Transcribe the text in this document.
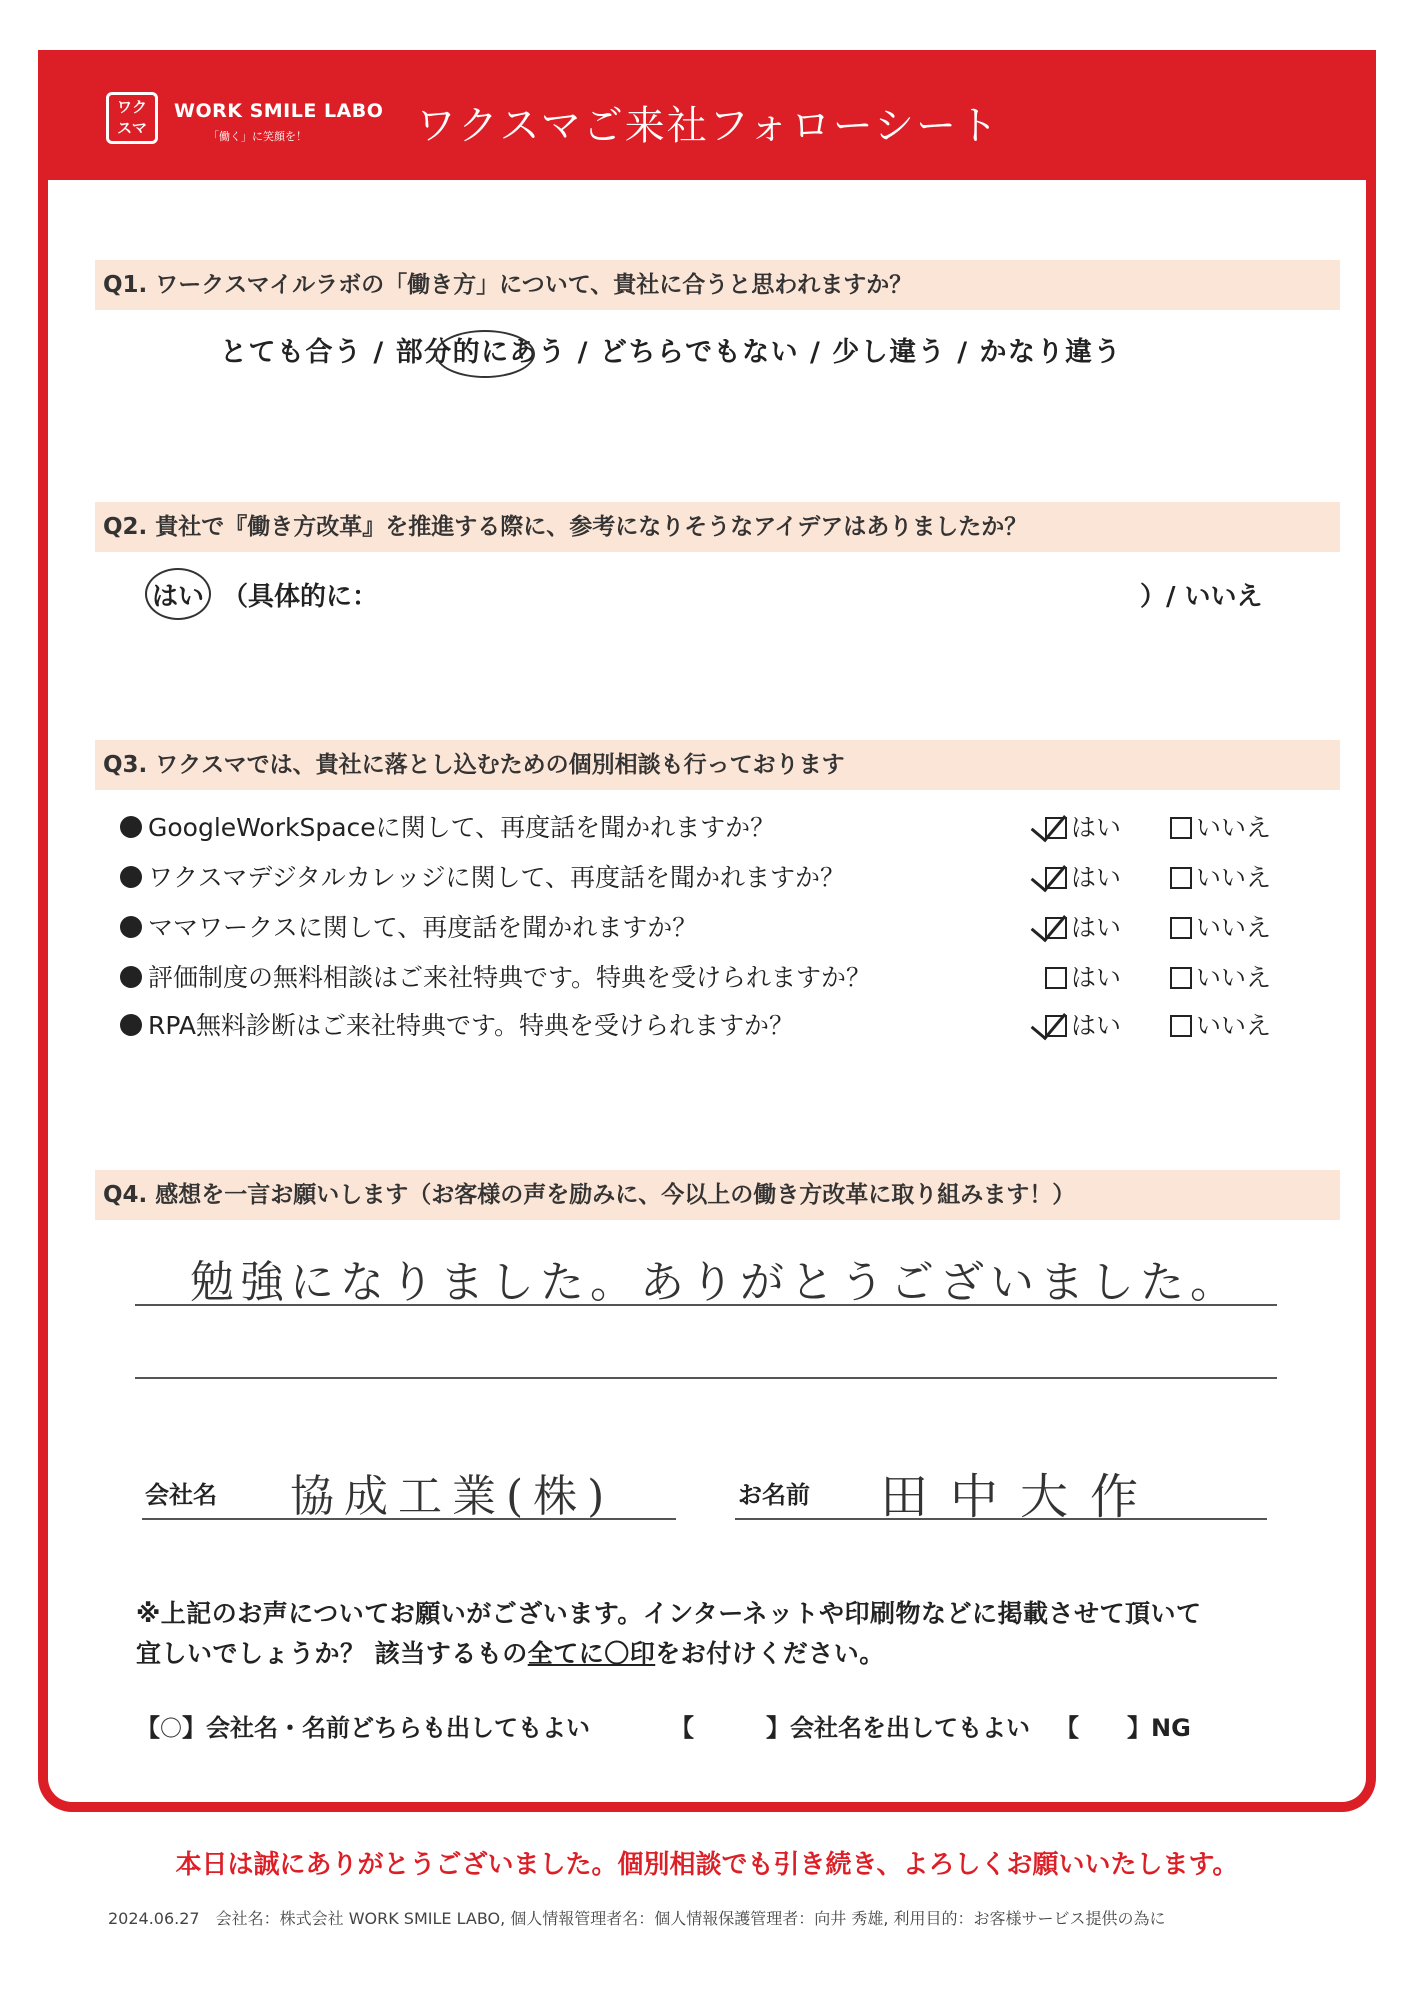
ワク
スマ
WORK SMILE LABO
「働く」に笑顔を！	ワクスマご来社フォローシート
Q1. ワークスマイルラボの「働き方」について、貴社に合うと思われますか？
とても合う / 部分的にあう / どちらでもない / 少し違う / かなり違う
Q2. 貴社で『働き方改革』を推進する際に、参考になりそうなアイデアはありましたか？
はい （具体的に：	）/ いいえ
Q3. ワクスマでは、貴社に落とし込むための個別相談も行っております
GoogleWorkSpaceに関して、再度話を聞かれますか？	はい	いいえ
ワクスマデジタルカレッジに関して、再度話を聞かれますか？	はい	いいえ
ママワークスに関して、再度話を聞かれますか？	はい	いいえ
評価制度の無料相談はご来社特典です。特典を受けられますか？	はい	いいえ
RPA無料診断はご来社特典です。特典を受けられますか？	はい	いいえ
Q4. 感想を一言お願いします（お客様の声を励みに、今以上の働き方改革に取り組みます！）
勉強になりました。ありがとうございました。
会社名 協成工業(株)	お名前 田中大作
※上記のお声についてお願いがございます。インターネットや印刷物などに掲載させて頂いて
宜しいでしょうか？ 該当するもの全てに〇印をお付けください。
【〇】会社名・名前どちらも出してもよい	【　　　】会社名を出してもよい 【　　】NG
本日は誠にありがとうございました。個別相談でも引き続き、よろしくお願いいたします。
2024.06.27　会社名：株式会社 WORK SMILE LABO, 個人情報管理者名：個人情報保護管理者：向井 秀雄, 利用目的：お客様サービス提供の為に
